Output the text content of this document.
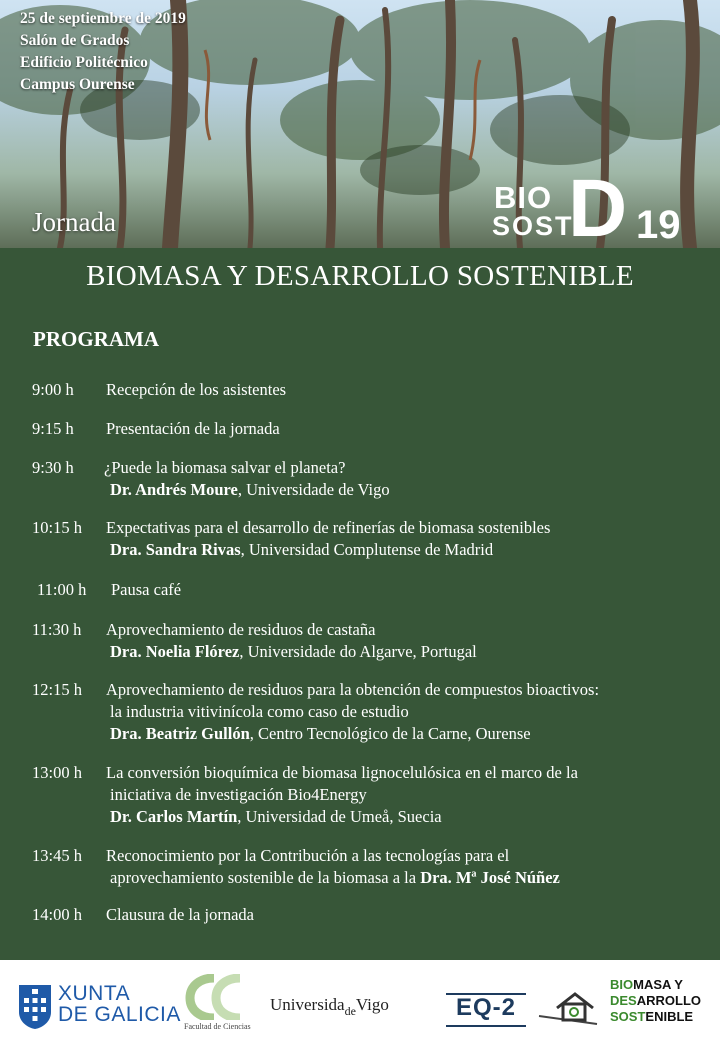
25 de septiembre de 2019
Salón de Grados
Edificio Politécnico
Campus Ourense
Jornada
BIO
SOST
D 19
BIOMASA Y DESARROLLO SOSTENIBLE
PROGRAMA
9:00 h Recepción de los asistentes
9:15 h Presentación de la jornada
9:30 h ¿Puede la biomasa salvar el planeta?
Dr. Andrés Moure, Universidade de Vigo
10:15 h Expectativas para el desarrollo de refinerías de biomasa sostenibles
Dra. Sandra Rivas, Universidad Complutense de Madrid
11:00 h Pausa café
11:30 h Aprovechamiento de residuos de castaña
Dra. Noelia Flórez, Universidade do Algarve, Portugal
12:15 h Aprovechamiento de residuos para la obtención de compuestos bioactivos:
la industria vitivinícola como caso de estudio
Dra. Beatriz Gullón, Centro Tecnológico de la Carne, Ourense
13:00 h La conversión bioquímica de biomasa lignocelulósica en el marco de la
iniciativa de investigación Bio4Energy
Dr. Carlos Martín, Universidad de Umeå, Suecia
13:45 h Reconocimiento por la Contribución a las tecnologías para el
aprovechamiento sostenible de la biomasa a la Dra. Mª José Núñez
14:00 h Clausura de la jornada
XUNTA
DE GALICIA
Facultad de Ciencias
Universida$_{de}$Vigo	EQ-2
BIOMASA Y
DESARROLLO
SOSTENIBLE
